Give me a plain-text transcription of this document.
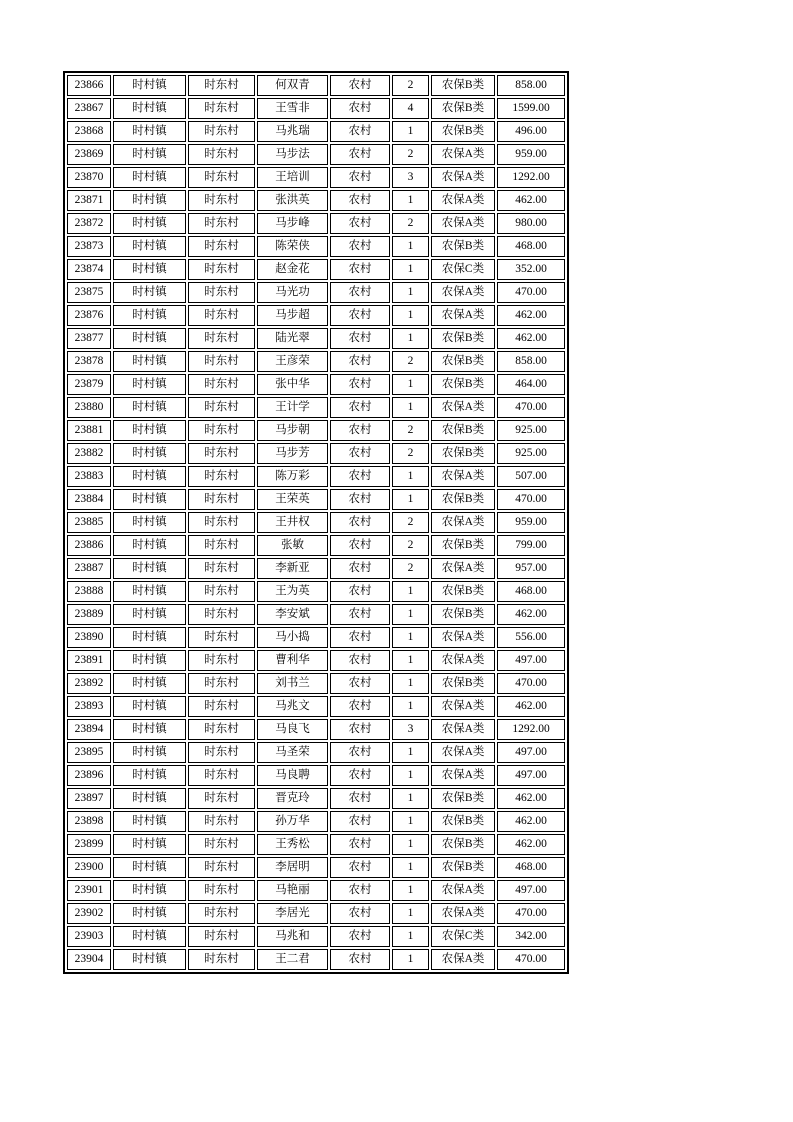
23866	时村镇	时东村	何双青	农村	2	农保B类	858.00
23867	时村镇	时东村	王雪非	农村	4	农保B类	1599.00
23868	时村镇	时东村	马兆瑞	农村	1	农保B类	496.00
23869	时村镇	时东村	马步法	农村	2	农保A类	959.00
23870	时村镇	时东村	王培训	农村	3	农保A类	1292.00
23871	时村镇	时东村	张洪英	农村	1	农保A类	462.00
23872	时村镇	时东村	马步峰	农村	2	农保A类	980.00
23873	时村镇	时东村	陈荣侠	农村	1	农保B类	468.00
23874	时村镇	时东村	赵金花	农村	1	农保C类	352.00
23875	时村镇	时东村	马光功	农村	1	农保A类	470.00
23876	时村镇	时东村	马步超	农村	1	农保A类	462.00
23877	时村镇	时东村	陆光翠	农村	1	农保B类	462.00
23878	时村镇	时东村	王彦荣	农村	2	农保B类	858.00
23879	时村镇	时东村	张中华	农村	1	农保B类	464.00
23880	时村镇	时东村	王计学	农村	1	农保A类	470.00
23881	时村镇	时东村	马步朝	农村	2	农保B类	925.00
23882	时村镇	时东村	马步芳	农村	2	农保B类	925.00
23883	时村镇	时东村	陈万彩	农村	1	农保A类	507.00
23884	时村镇	时东村	王荣英	农村	1	农保B类	470.00
23885	时村镇	时东村	王井权	农村	2	农保A类	959.00
23886	时村镇	时东村	张敏	农村	2	农保B类	799.00
23887	时村镇	时东村	李新亚	农村	2	农保A类	957.00
23888	时村镇	时东村	王为英	农村	1	农保B类	468.00
23889	时村镇	时东村	李安斌	农村	1	农保B类	462.00
23890	时村镇	时东村	马小捣	农村	1	农保A类	556.00
23891	时村镇	时东村	曹利华	农村	1	农保A类	497.00
23892	时村镇	时东村	刘书兰	农村	1	农保B类	470.00
23893	时村镇	时东村	马兆文	农村	1	农保A类	462.00
23894	时村镇	时东村	马良飞	农村	3	农保A类	1292.00
23895	时村镇	时东村	马圣荣	农村	1	农保A类	497.00
23896	时村镇	时东村	马良聘	农村	1	农保A类	497.00
23897	时村镇	时东村	晋克玲	农村	1	农保B类	462.00
23898	时村镇	时东村	孙万华	农村	1	农保B类	462.00
23899	时村镇	时东村	王秀松	农村	1	农保B类	462.00
23900	时村镇	时东村	李居明	农村	1	农保B类	468.00
23901	时村镇	时东村	马艳丽	农村	1	农保A类	497.00
23902	时村镇	时东村	李居光	农村	1	农保A类	470.00
23903	时村镇	时东村	马兆和	农村	1	农保C类	342.00
23904	时村镇	时东村	王二君	农村	1	农保A类	470.00
